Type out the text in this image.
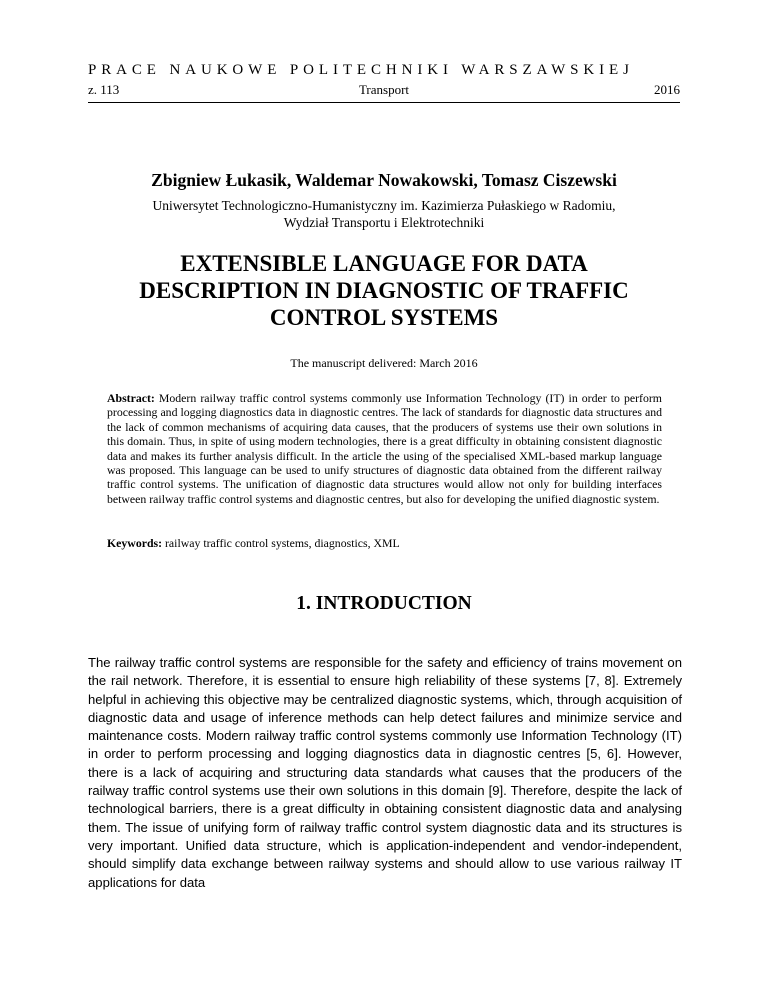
PRACE NAUKOWE POLITECHNIKI WARSZAWSKIEJ
Transport
z. 113	2016
Zbigniew Łukasik, Waldemar Nowakowski, Tomasz Ciszewski
Uniwersytet Technologiczno-Humanistyczny im. Kazimierza Pułaskiego w Radomiu,
Wydział Transportu i Elektrotechniki
EXTENSIBLE LANGUAGE FOR DATA
DESCRIPTION IN DIAGNOSTIC OF TRAFFIC
CONTROL SYSTEMS
The manuscript delivered: March 2016
Abstract: Modern railway traffic control systems commonly use Information Technology (IT) in order to perform processing and logging diagnostics data in diagnostic centres. The lack of standards for diagnostic data structures and the lack of common mechanisms of acquiring data causes, that the producers of systems use their own solutions in this domain. Thus, in spite of using modern technologies, there is a great difficulty in obtaining consistent diagnostic data and makes its further analysis difficult. In the article the using of the specialised XML-based markup language was proposed. This language can be used to unify structures of diagnostic data obtained from the different railway traffic control systems. The unification of diagnostic data structures would allow not only for building interfaces between railway traffic control systems and diagnostic centres, but also for developing the unified diagnostic system.
Keywords: railway traffic control systems, diagnostics, XML
1. INTRODUCTION
The railway traffic control systems are responsible for the safety and efficiency of trains movement on the rail network. Therefore, it is essential to ensure high reliability of these systems [7, 8]. Extremely helpful in achieving this objective may be centralized diagnostic systems, which, through acquisition of diagnostic data and usage of inference methods can help detect failures and minimize service and maintenance costs. Modern railway traffic control systems commonly use Information Technology (IT) in order to perform processing and logging diagnostics data in diagnostic centres [5, 6]. However, there is a lack of acquiring and structuring data standards what causes that the producers of the railway traffic control systems use their own solutions in this domain [9]. Therefore, despite the lack of technological barriers, there is a great difficulty in obtaining consistent diagnostic data and analysing them. The issue of unifying form of railway traffic control system diagnostic data and its structures is very important. Unified data structure, which is application-independent and vendor-independent, should simplify data exchange between railway systems and should allow to use various railway IT applications for data
